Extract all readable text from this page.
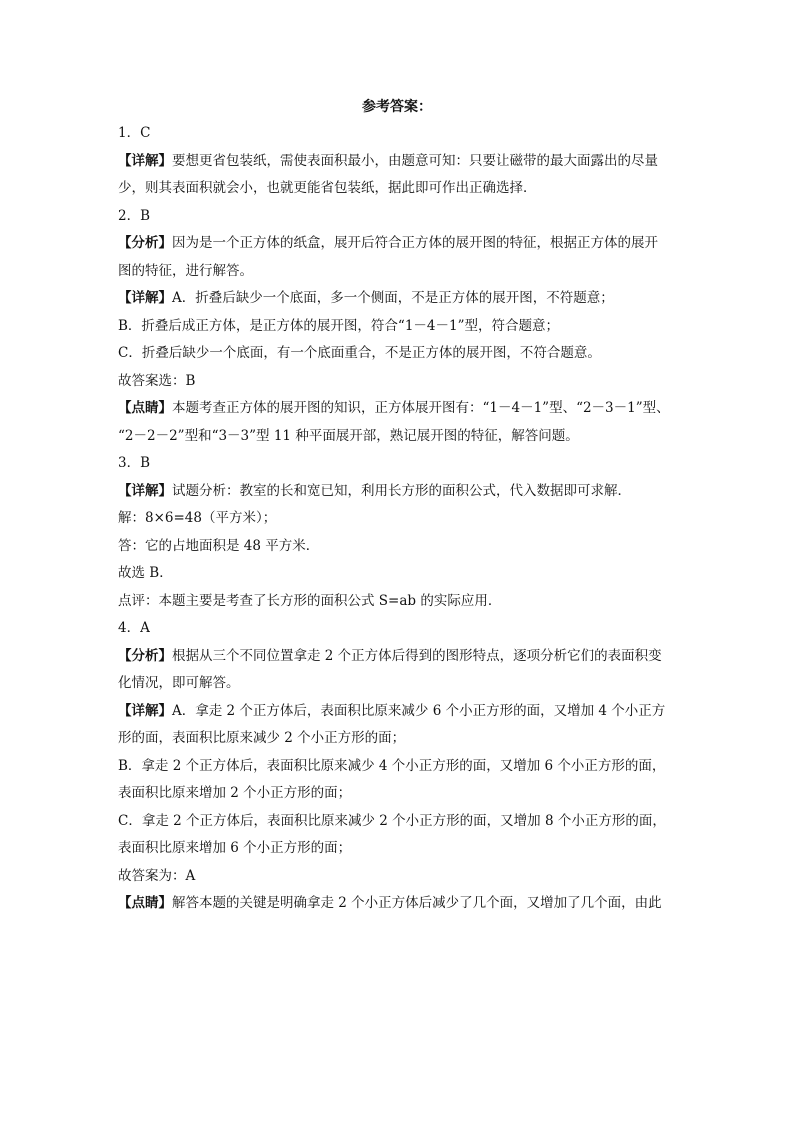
参考答案：
1．C
【详解】要想更省包装纸，需使表面积最小，由题意可知：只要让磁带的最大面露出的尽量
少，则其表面积就会小，也就更能省包装纸，据此即可作出正确选择．
2．B
【分析】因为是一个正方体的纸盒，展开后符合正方体的展开图的特征，根据正方体的展开
图的特征，进行解答。
【详解】A．折叠后缺少一个底面，多一个侧面，不是正方体的展开图，不符题意；
B．折叠后成正方体，是正方体的展开图，符合“1－4－1”型，符合题意；
C．折叠后缺少一个底面，有一个底面重合，不是正方体的展开图，不符合题意。
故答案选：B
【点睛】本题考查正方体的展开图的知识，正方体展开图有：“1－4－1”型、“2－3－1”型、
“2－2－2”型和“3－3”型 11 种平面展开部，熟记展开图的特征，解答问题。
3．B
【详解】试题分析：教室的长和宽已知，利用长方形的面积公式，代入数据即可求解．
解：8×6=48（平方米）；
答：它的占地面积是 48 平方米．
故选 B．
点评：本题主要是考查了长方形的面积公式 S=ab 的实际应用．
4．A
【分析】根据从三个不同位置拿走 2 个正方体后得到的图形特点，逐项分析它们的表面积变
化情况，即可解答。
【详解】A．拿走 2 个正方体后，表面积比原来减少 6 个小正方形的面，又增加 4 个小正方
形的面，表面积比原来减少 2 个小正方形的面；
B．拿走 2 个正方体后，表面积比原来减少 4 个小正方形的面，又增加 6 个小正方形的面，
表面积比原来增加 2 个小正方形的面；
C．拿走 2 个正方体后，表面积比原来减少 2 个小正方形的面，又增加 8 个小正方形的面，
表面积比原来增加 6 个小正方形的面；
故答案为：A
【点睛】解答本题的关键是明确拿走 2 个小正方体后减少了几个面，又增加了几个面，由此
